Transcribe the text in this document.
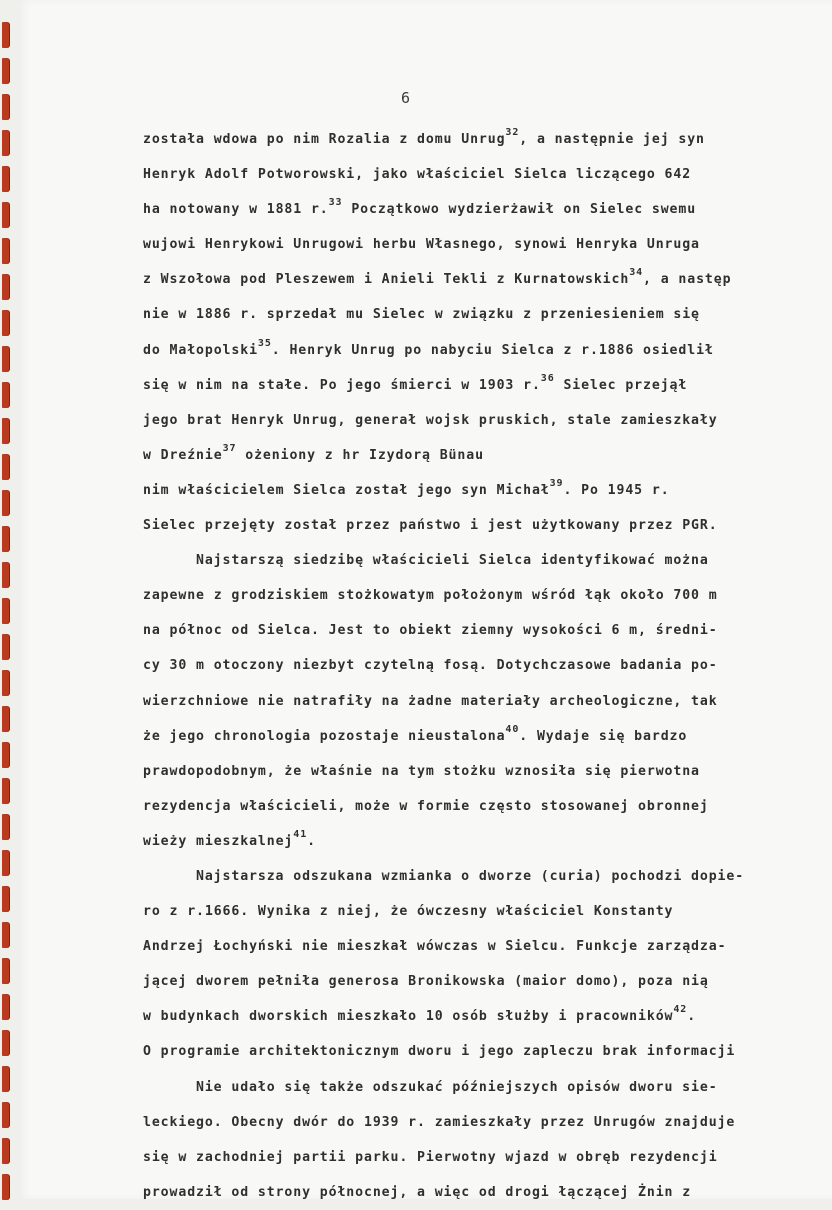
6
została wdowa po nim Rozalia z domu Unrug$^{32}$, a następnie jej syn
Henryk Adolf Potworowski, jako właściciel Sielca liczącego 642
ha notowany w 1881 r.$^{33}$ Początkowo wydzierżawił on Sielec swemu
wujowi Henrykowi Unrugowi herbu Własnego, synowi Henryka Unruga
z Wszołowa pod Pleszewem i Anieli Tekli z Kurnatowskich$^{34}$, a następ
nie w 1886 r. sprzedał mu Sielec w związku z przeniesieniem się
do Małopolski$^{35}$. Henryk Unrug po nabyciu Sielca z r.1886 osiedlił
się w nim na stałe. Po jego śmierci w 1903 r.$^{36}$ Sielec przejął
jego brat Henryk Unrug, generał wojsk pruskich, stale zamieszkały
w Dreźnie$^{37}$ ożeniony z hr Izydorą Bünau
nim właścicielem Sielca został jego syn Michał$^{39}$. Po 1945 r.
Sielec przejęty został przez państwo i jest użytkowany przez PGR.
Najstarszą siedzibę właścicieli Sielca identyfikować można
zapewne z grodziskiem stożkowatym położonym wśród łąk około 700 m
na północ od Sielca. Jest to obiekt ziemny wysokości 6 m, średni-
cy 30 m otoczony niezbyt czytelną fosą. Dotychczasowe badania po-
wierzchniowe nie natrafiły na żadne materiały archeologiczne, tak
że jego chronologia pozostaje nieustalona$^{40}$. Wydaje się bardzo
prawdopodobnym, że właśnie na tym stożku wznosiła się pierwotna
rezydencja właścicieli, może w formie często stosowanej obronnej
wieży mieszkalnej$^{41}$.
Najstarsza odszukana wzmianka o dworze (curia) pochodzi dopie-
ro z r.1666. Wynika z niej, że ówczesny właściciel Konstanty
Andrzej Łochyński nie mieszkał wówczas w Sielcu. Funkcje zarządza-
jącej dworem pełniła generosa Bronikowska (maior domo), poza nią
w budynkach dworskich mieszkało 10 osób służby i pracowników$^{42}$.
O programie architektonicznym dworu i jego zapleczu brak informacji
Nie udało się także odszukać późniejszych opisów dworu sie-
leckiego. Obecny dwór do 1939 r. zamieszkały przez Unrugów znajduje
się w zachodniej partii parku. Pierwotny wjazd w obręb rezydencji
prowadził od strony północnej, a więc od drogi łączącej Żnin z
